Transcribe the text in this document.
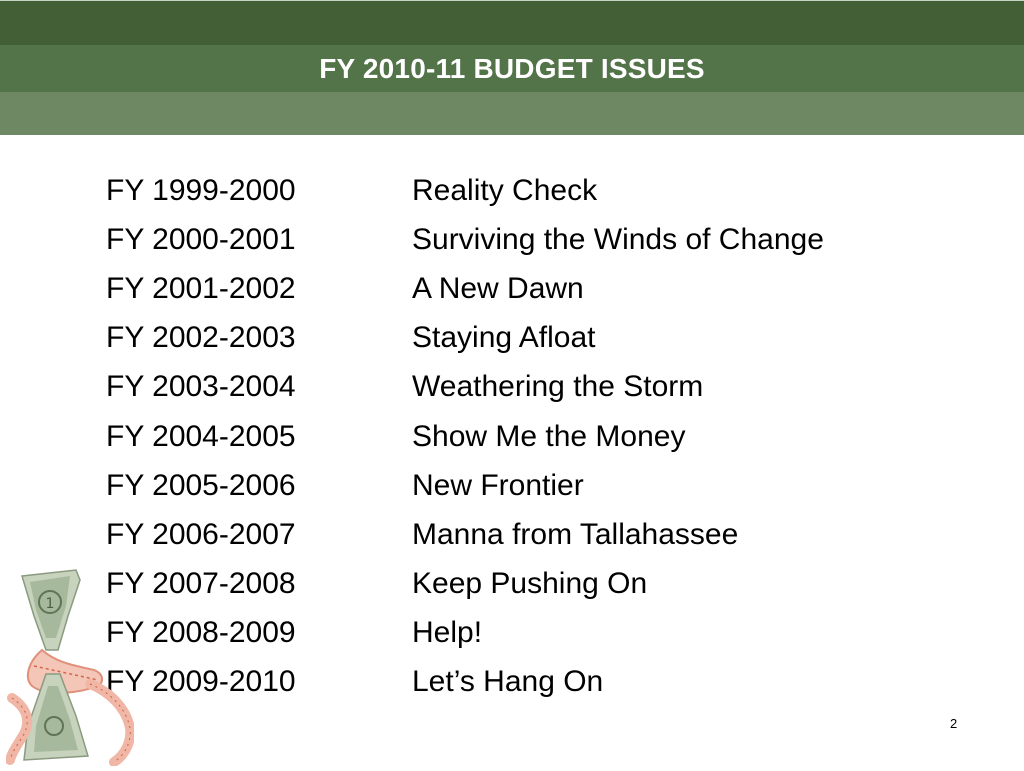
FY 2010-11 BUDGET ISSUES
FY 1999-2000	Reality Check
FY 2000-2001	Surviving the Winds of Change
FY 2001-2002	A New Dawn
FY 2002-2003	Staying Afloat
FY 2003-2004	Weathering the Storm
FY 2004-2005	Show Me the Money
FY 2005-2006	New Frontier
FY 2006-2007	Manna from Tallahassee
FY 2007-2008	Keep Pushing On
FY 2008-2009	Help!
FY 2009-2010	Let’s Hang On
1
2
